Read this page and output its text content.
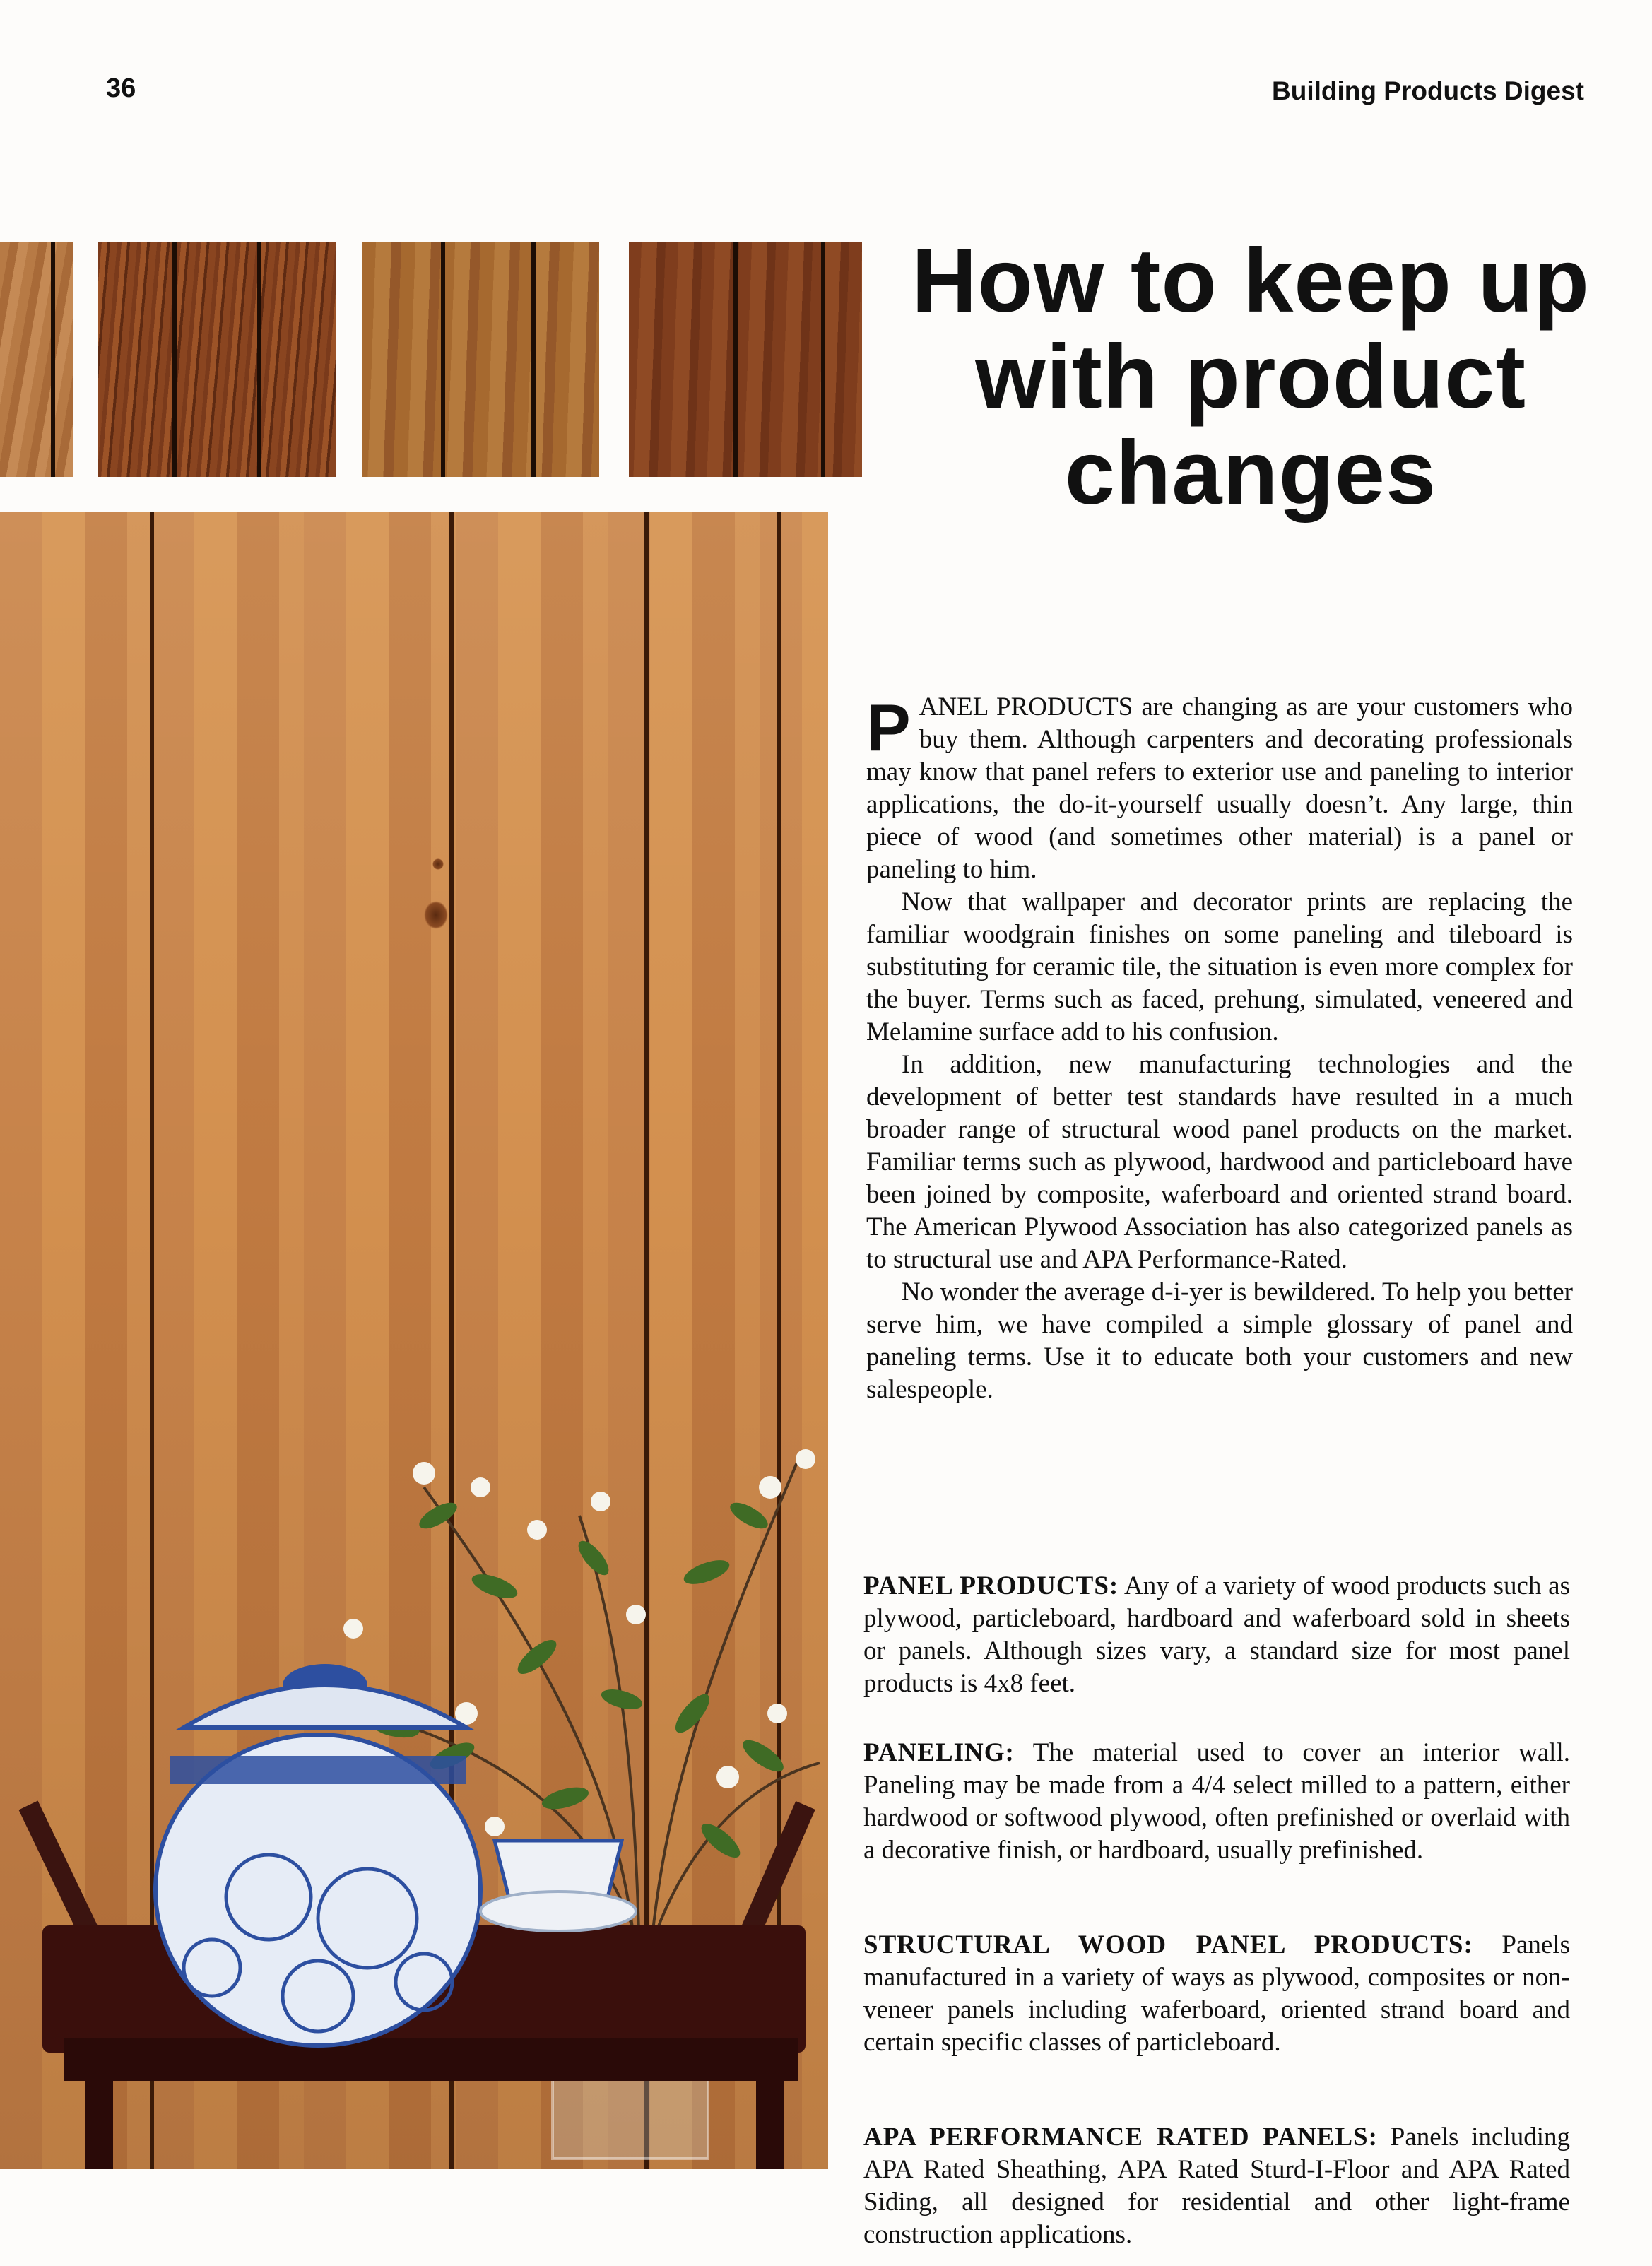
36	Building Products Digest
How to keep up with product changes

PANEL PRODUCTS are changing as are your customers who buy them. Although carpenters and decorating professionals may know that panel refers to exterior use and paneling to interior applications, the do-it-yourself usually doesn’t. Any large, thin piece of wood (and sometimes other material) is a panel or paneling to him.

Now that wallpaper and decorator prints are replacing the familiar woodgrain finishes on some paneling and tileboard is substituting for ceramic tile, the situation is even more complex for the buyer. Terms such as faced, prehung, simulated, veneered and Melamine surface add to his confusion.

In addition, new manufacturing technologies and the development of better test standards have resulted in a much broader range of structural wood panel products on the market. Familiar terms such as plywood, hardwood and particleboard have been joined by composite, waferboard and oriented strand board. The American Plywood Association has also categorized panels as to structural use and APA Performance-Rated.

No wonder the average d-i-yer is bewildered. To help you better serve him, we have compiled a simple glossary of panel and paneling terms. Use it to educate both your customers and new salespeople.

PANEL PRODUCTS: Any of a variety of wood products such as plywood, particleboard, hardboard and waferboard sold in sheets or panels. Although sizes vary, a standard size for most panel products is 4x8 feet.

PANELING: The material used to cover an interior wall. Paneling may be made from a 4/4 select milled to a pattern, either hardwood or softwood plywood, often prefinished or overlaid with a decorative finish, or hardboard, usually prefinished.

STRUCTURAL WOOD PANEL PRODUCTS: Panels manufactured in a variety of ways as plywood, composites or non-veneer panels including waferboard, oriented strand board and certain specific classes of particleboard.

APA PERFORMANCE RATED PANELS: Panels including APA Rated Sheathing, APA Rated Sturd-I-Floor and APA Rated Siding, all designed for residential and other light-frame construction applications.
